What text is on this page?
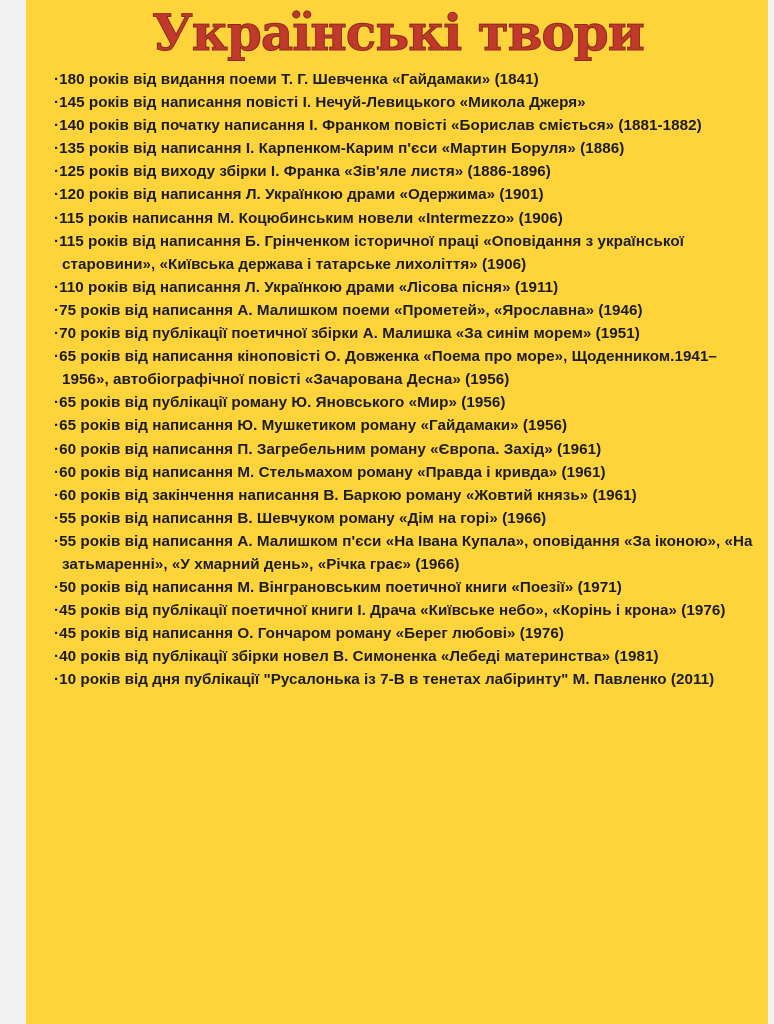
Українські твори
·180 років від видання поеми Т. Г. Шевченка «Гайдамаки» (1841)
·145 років від написання повісті І. Нечуй-Левицького «Микола Джеря»
·140 років від початку написання І. Франком повісті «Борислав сміється» (1881-1882)
·135 років від написання І. Карпенком-Карим п'єси «Мартин Боруля» (1886)
·125 років від виходу збірки І. Франка «Зів'яле листя» (1886-1896)
·120 років від написання Л. Українкою драми «Одержима» (1901)
·115 років написання М. Коцюбинським новели «Intermezzo» (1906)
·115 років від написання Б. Грінченком історичної праці «Оповідання з української старовини», «Київська держава і татарське лихоліття» (1906)
·110 років від написання Л. Українкою драми «Лісова пісня» (1911)
·75 років від написання А. Малишком поеми «Прометей», «Ярославна» (1946)
·70 років від публікації поетичної збірки А. Малишка «За синім морем» (1951)
·65 років від написання кіноповісті О. Довженка «Поема про море», Щоденником.1941–1956», автобіографічної повісті «Зачарована Десна» (1956)
·65 років від публікації роману Ю. Яновського «Мир» (1956)
·65 років від написання Ю. Мушкетиком роману «Гайдамаки» (1956)
·60 років від написання П. Загребельним роману «Європа. Захід» (1961)
·60 років від написання М. Стельмахом роману «Правда і кривда» (1961)
·60 років від закінчення написання В. Баркою роману «Жовтий князь» (1961)
·55 років від написання В. Шевчуком роману «Дім на горі» (1966)
·55 років від написання А. Малишком п'єси «На Івана Купала», оповідання «За іконою», «На затьмаренні», «У хмарний день», «Річка грає» (1966)
·50 років від написання М. Вінграновським поетичної книги «Поезії» (1971)
·45 років від публікації поетичної книги І. Драча «Київське небо», «Корінь і крона» (1976)
·45 років від написання О. Гончаром роману «Берег любові» (1976)
·40 років від публікації збірки новел В. Симоненка «Лебеді материнства» (1981)
·10 років від дня публікації "Русалонька із 7-В в тенетах лабіринту" М. Павленко (2011)
